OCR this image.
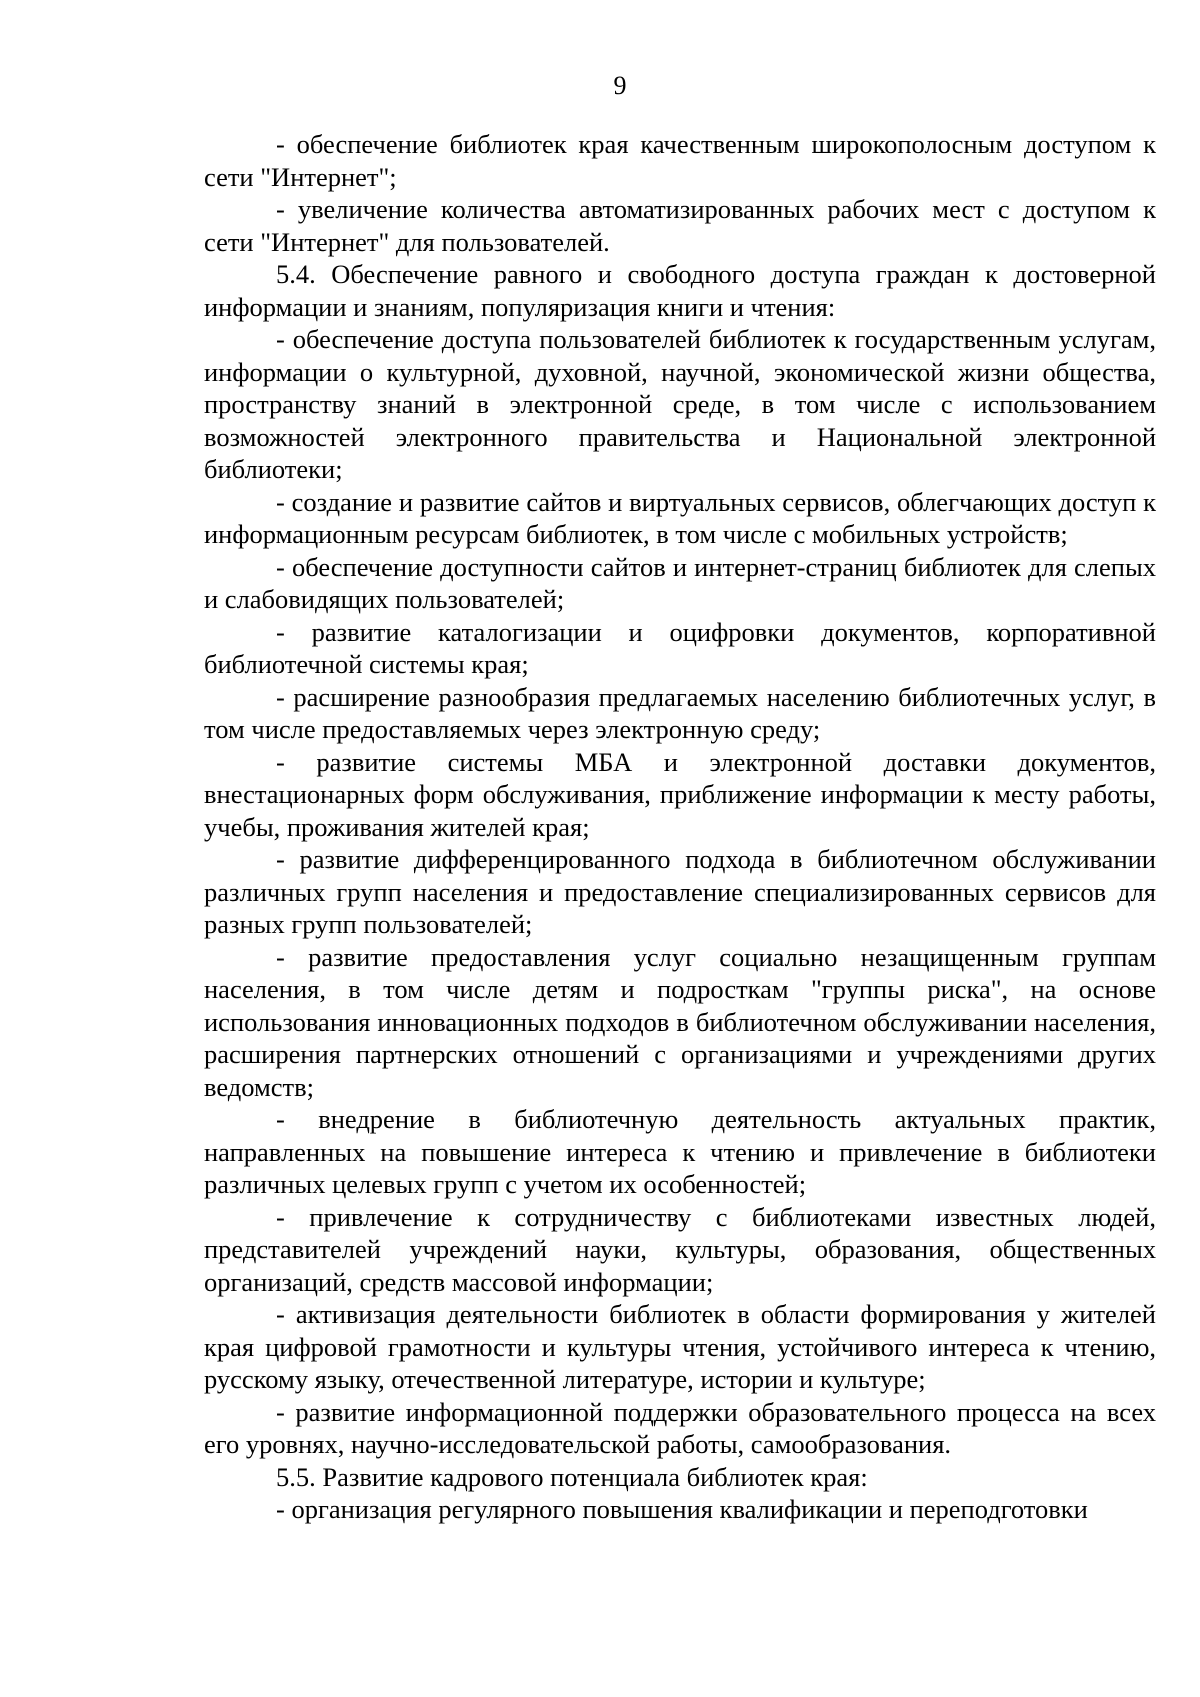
9

- обеспечение библиотек края качественным широкополосным доступом к сети "Интернет";

- увеличение количества автоматизированных рабочих мест с доступом к сети "Интернет" для пользователей.

5.4. Обеспечение равного и свободного доступа граждан к достоверной информации и знаниям, популяризация книги и чтения:

- обеспечение доступа пользователей библиотек к государственным услугам, информации о культурной, духовной, научной, экономической жизни общества, пространству знаний в электронной среде, в том числе с использованием возможностей электронного правительства и Национальной электронной библиотеки;

- создание и развитие сайтов и виртуальных сервисов, облегчающих доступ к информационным ресурсам библиотек, в том числе с мобильных устройств;

- обеспечение доступности сайтов и интернет-страниц библиотек для слепых и слабовидящих пользователей;

- развитие каталогизации и оцифровки документов, корпоративной библиотечной системы края;

- расширение разнообразия предлагаемых населению библиотечных услуг, в том числе предоставляемых через электронную среду;

- развитие системы МБА и электронной доставки документов, внестационарных форм обслуживания, приближение информации к месту работы, учебы, проживания жителей края;

- развитие дифференцированного подхода в библиотечном обслуживании различных групп населения и предоставление специализированных сервисов для разных групп пользователей;

- развитие предоставления услуг социально незащищенным группам населения, в том числе детям и подросткам "группы риска", на основе использования инновационных подходов в библиотечном обслуживании населения, расширения партнерских отношений с организациями и учреждениями других ведомств;

- внедрение в библиотечную деятельность актуальных практик, направленных на повышение интереса к чтению и привлечение в библиотеки различных целевых групп с учетом их особенностей;

- привлечение к сотрудничеству с библиотеками известных людей, представителей учреждений науки, культуры, образования, общественных организаций, средств массовой информации;

- активизация деятельности библиотек в области формирования у жителей края цифровой грамотности и культуры чтения, устойчивого интереса к чтению, русскому языку, отечественной литературе, истории и культуре;

- развитие информационной поддержки образовательного процесса на всех его уровнях, научно-исследовательской работы, самообразования.

5.5. Развитие кадрового потенциала библиотек края:

- организация регулярного повышения квалификации и переподготовки
